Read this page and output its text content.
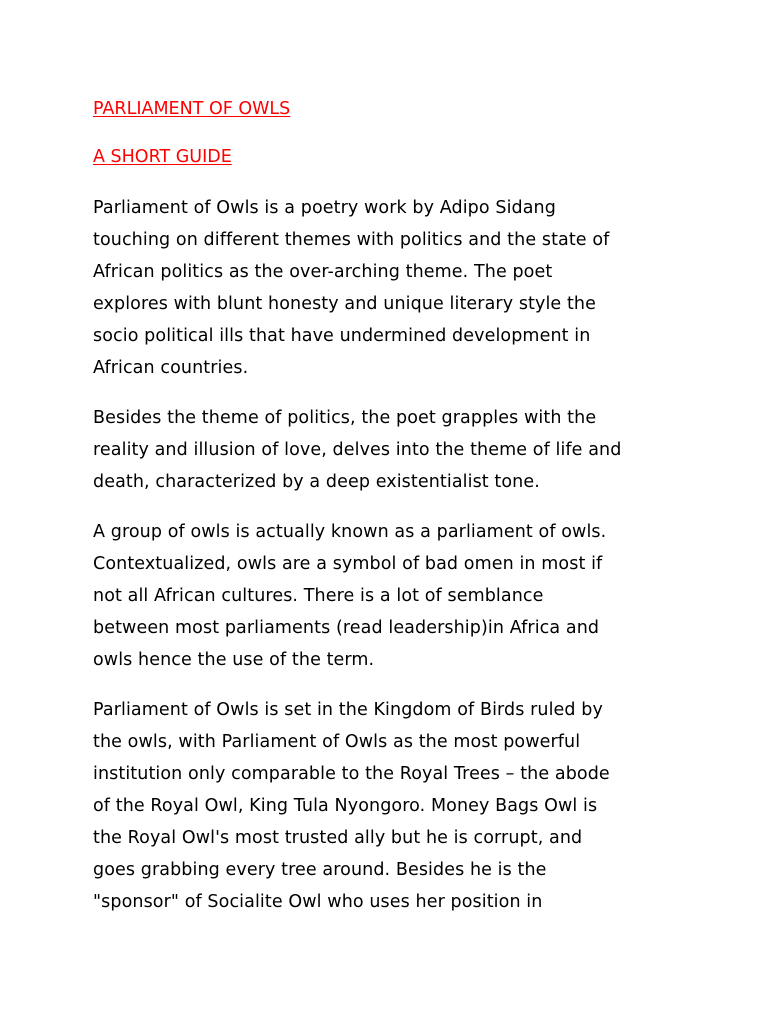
PARLIAMENT OF OWLS
A SHORT GUIDE

Parliament of Owls is a poetry work by Adipo Sidang
touching on different themes with politics and the state of
African politics as the over-arching theme. The poet
explores with blunt honesty and unique literary style the
socio political ills that have undermined development in
African countries.

Besides the theme of politics, the poet grapples with the
reality and illusion of love, delves into the theme of life and
death, characterized by a deep existentialist tone.

A group of owls is actually known as a parliament of owls.
Contextualized, owls are a symbol of bad omen in most if
not all African cultures. There is a lot of semblance
between most parliaments (read leadership)in Africa and
owls hence the use of the term.

Parliament of Owls is set in the Kingdom of Birds ruled by
the owls, with Parliament of Owls as the most powerful
institution only comparable to the Royal Trees – the abode
of the Royal Owl, King Tula Nyongoro. Money Bags Owl is
the Royal Owl's most trusted ally but he is corrupt, and
goes grabbing every tree around. Besides he is the
"sponsor" of Socialite Owl who uses her position in
